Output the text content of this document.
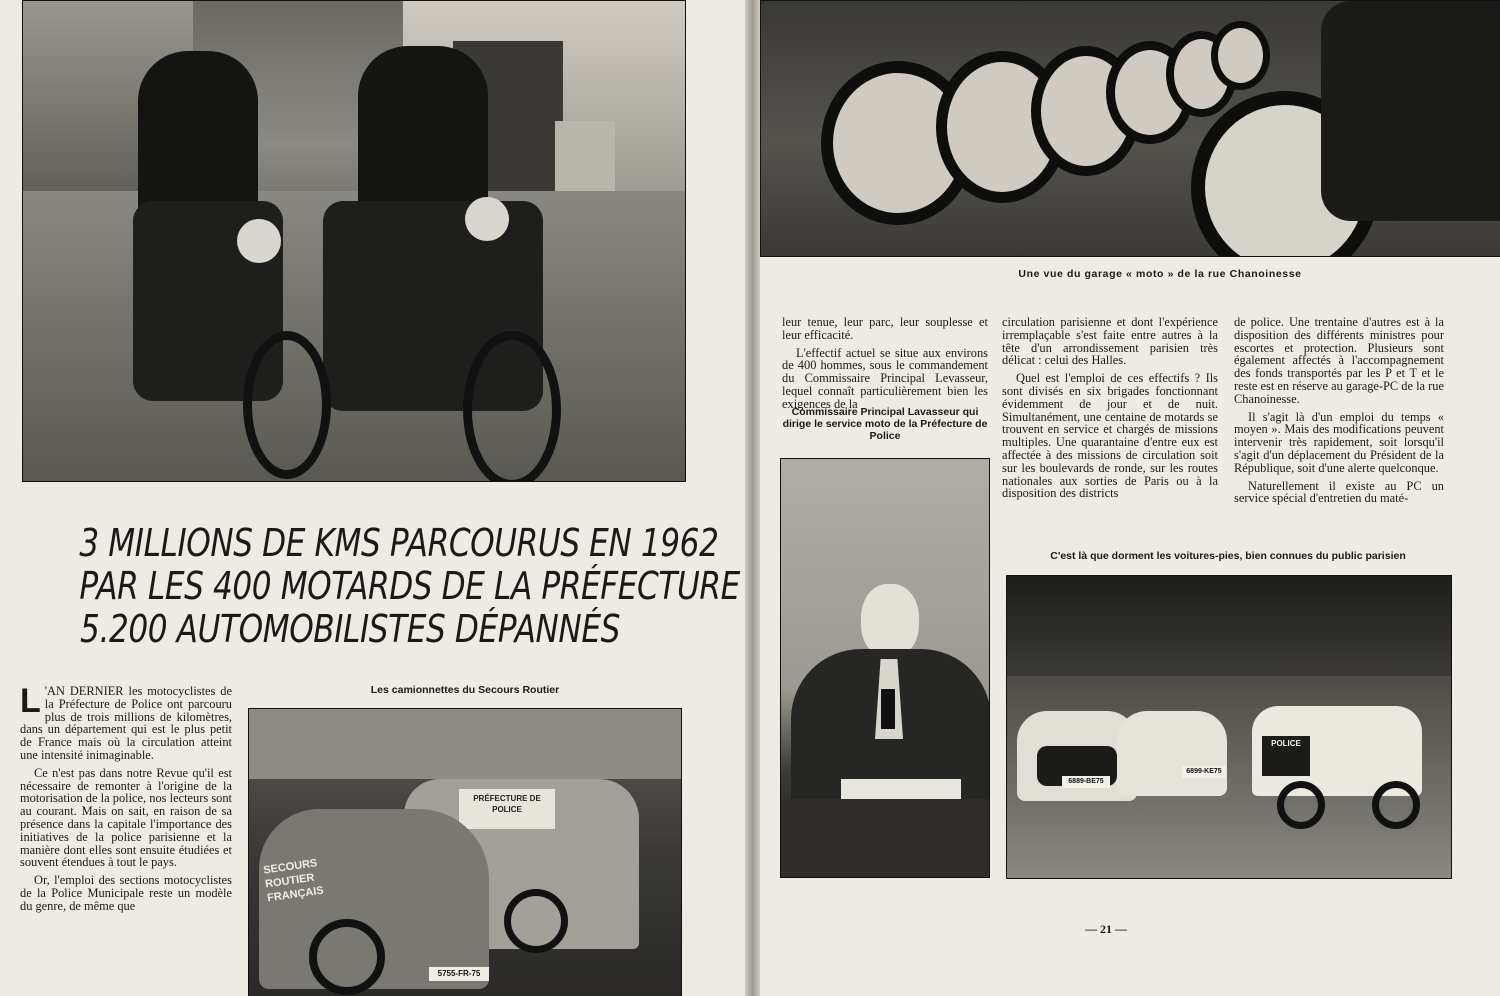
3 MILLIONS DE KMS PARCOURUS EN 1962
PAR LES 400 MOTARDS DE LA PRÉFECTURE
5.200 AUTOMOBILISTES DÉPANNÉS

L 'AN DERNIER les motocyclistes de la Préfecture de Police ont parcouru plus de trois millions de kilomètres, dans un département qui est le plus petit de France mais où la circulation atteint une intensité inimaginable.

Ce n'est pas dans notre Revue qu'il est nécessaire de remonter à l'origine de la motorisation de la police, nos lecteurs sont au courant. Mais on sait, en raison de sa présence dans la capitale l'importance des initiatives de la police parisienne et la manière dont elles sont ensuite étudiées et souvent étendues à tout le pays.

Or, l'emploi des sections motocyclistes de la Police Municipale reste un modèle du genre, de même que

Les camionnettes du Secours Routier
PRÉFECTURE DE POLICE
SECOURS ROUTIER FRANÇAIS
5755-FR-75
Une vue du garage « moto » de la rue Chanoinesse

leur tenue, leur parc, leur souplesse et leur efficacité.

L'effectif actuel se situe aux environs de 400 hommes, sous le commandement du Commissaire Principal Levasseur, lequel connaît particulièrement bien les exigences de la

Commissaire Principal Lavasseur qui dirige le service moto de la Préfecture de Police

circulation parisienne et dont l'expérience irremplaçable s'est faite entre autres à la tête d'un arrondissement parisien très délicat : celui des Halles.

Quel est l'emploi de ces effectifs ? Ils sont divisés en six brigades fonctionnant évidemment de jour et de nuit. Simultanément, une centaine de motards se trouvent en service et chargés de missions multiples. Une quarantaine d'entre eux est affectée à des missions de circulation soit sur les boulevards de ronde, sur les routes nationales aux sorties de Paris ou à la disposition des districts

de police. Une trentaine d'autres est à la disposition des différents ministres pour escortes et protection. Plusieurs sont également affectés à l'accompagnement des fonds transportés par les P et T et le reste est en réserve au garage-PC de la rue Chanoinesse.

Il s'agit là d'un emploi du temps « moyen ». Mais des modifications peuvent intervenir très rapidement, soit lorsqu'il s'agit d'un déplacement du Président de la République, soit d'une alerte quelconque.

Naturellement il existe au PC un service spécial d'entretien du maté-

C'est là que dorment les voitures-pies, bien connues du public parisien
6889-BE75
6899-KE75
POLICE
— 21 —
